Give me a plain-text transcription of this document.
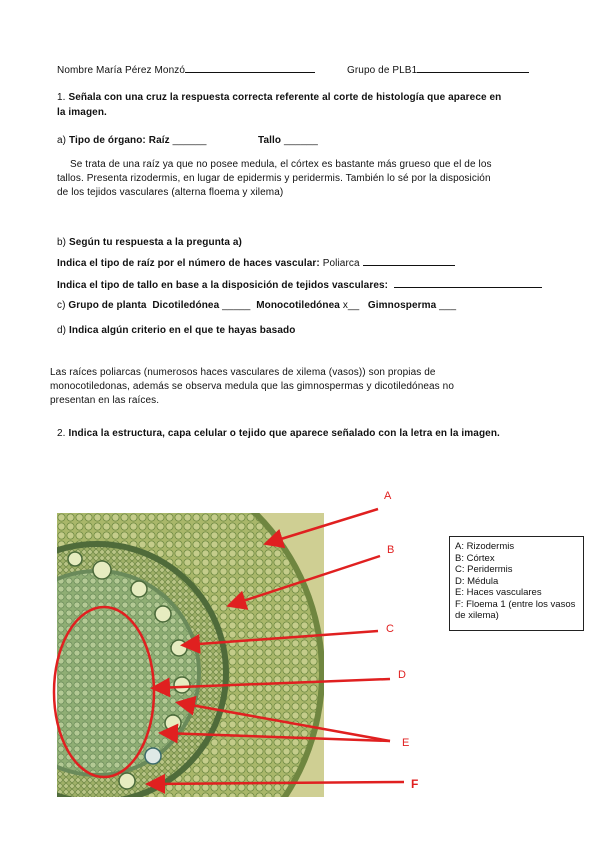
Nombre María Pérez Monzó	Grupo de PLB1
1. Señala con una cruz la respuesta correcta referente al corte de histología que aparece en
la imagen.
a) Tipo de órgano: Raíz ______	Tallo ______
Se trata de una raíz ya que no posee medula, el córtex es bastante más grueso que el de los
tallos. Presenta rizodermis, en lugar de epidermis y peridermis. También lo sé por la disposición
de los tejidos vasculares (alterna floema y xilema)
b) Según tu respuesta a la pregunta a)
Indica el tipo de raíz por el número de haces vascular: Poliarca
Indica el tipo de tallo en base a la disposición de tejidos vasculares:
c) Grupo de planta Dicotiledónea _____ Monocotiledónea x__ Gimnosperma ___
d) Indica algún criterio en el que te hayas basado
Las raíces poliarcas (numerosos haces vasculares de xilema (vasos)) son propias de
monocotiledonas, además se observa medula que las gimnospermas y dicotiledóneas no
presentan en las raíces.
2. Indica la estructura, capa celular o tejido que aparece señalado con la letra en la imagen.
A
B
C
D
E
F
A: Rizodermis
B: Córtex
C: Peridermis
D: Médula
E: Haces vasculares
F: Floema 1 (entre los vasos de xilema)
